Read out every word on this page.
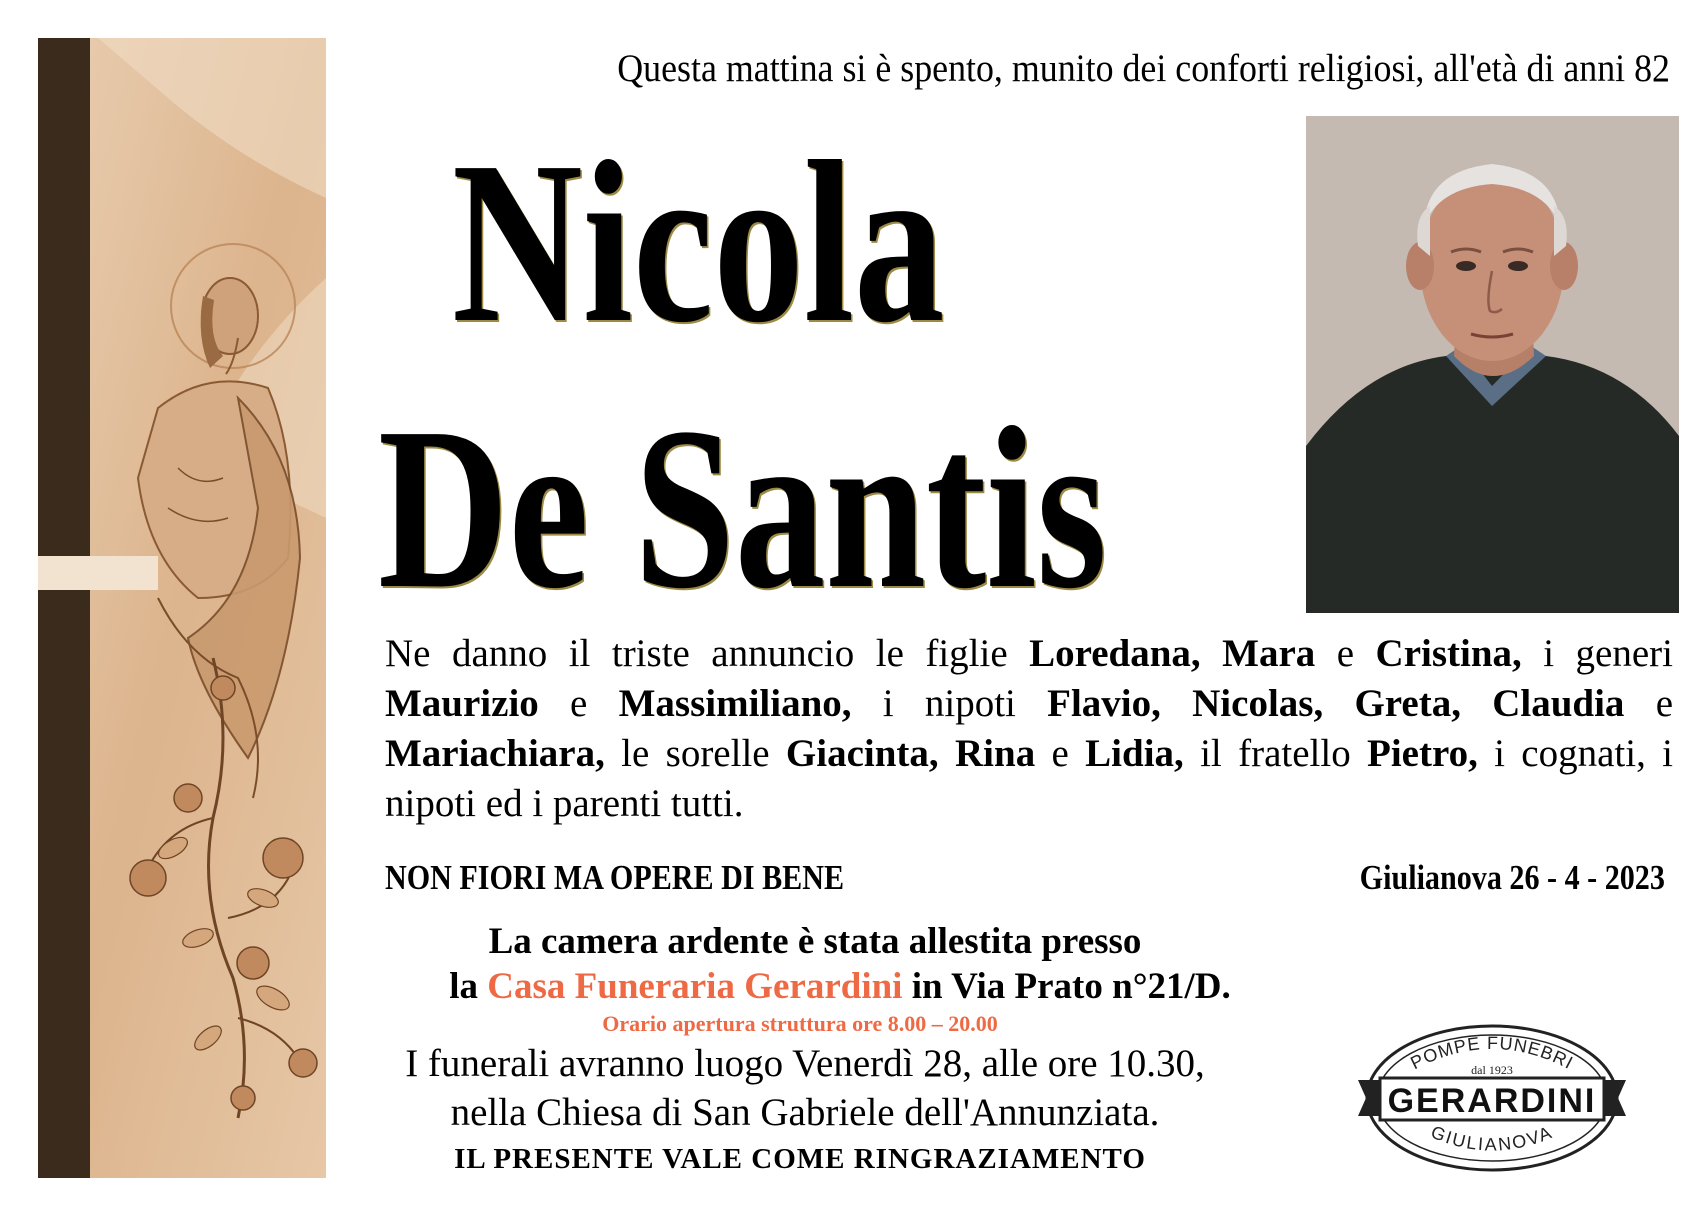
Questa mattina si è spento, munito dei conforti religiosi, all'età di anni 82
Nicola
De Santis
Ne danno il triste annuncio le figlie Loredana, Mara e Cristina, i generi Maurizio e Massimiliano, i nipoti Flavio, Nicolas, Greta, Claudia e Mariachiara, le sorelle Giacinta, Rina e Lidia, il fratello Pietro, i cognati, i nipoti ed i parenti tutti.
NON FIORI MA OPERE DI BENE	Giulianova 26 - 4 - 2023
La camera ardente è stata allestita presso
la Casa Funeraria Gerardini in Via Prato n°21/D.
Orario apertura struttura ore 8.00 – 20.00
I funerali avranno luogo Venerdì 28, alle ore 10.30,
nella Chiesa di San Gabriele dell'Annunziata.
IL PRESENTE VALE COME RINGRAZIAMENTO
POMPE FUNEBRI
dal 1923
GERARDINI
GIULIANOVA
